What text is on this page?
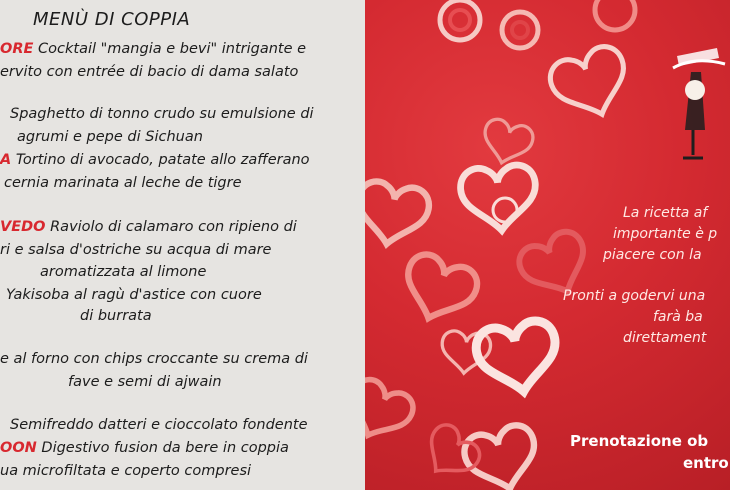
MENÙ DI COPPIA
ORE Cocktail "mangia e bevi" intrigante e
ervito con entrée di bacio di dama salato
Spaghetto di tonno crudo su emulsione di
agrumi e pepe di Sichuan
A Tortino di avocado, patate allo zafferano
cernia marinata al leche de tigre
VEDO Raviolo di calamaro con ripieno di
ri e salsa d'ostriche su acqua di mare
aromatizzata al limone
Yakisoba al ragù d'astice con cuore
di burrata
e al forno con chips croccante su crema di
fave e semi di ajwain
Semifreddo datteri e cioccolato fondente
OON Digestivo fusion da bere in coppia
ua microfiltata e coperto compresi
La ricetta af
importante è p
piacere con la
Pronti a godervi una
farà ba
direttament
Prenotazione ob
entro
